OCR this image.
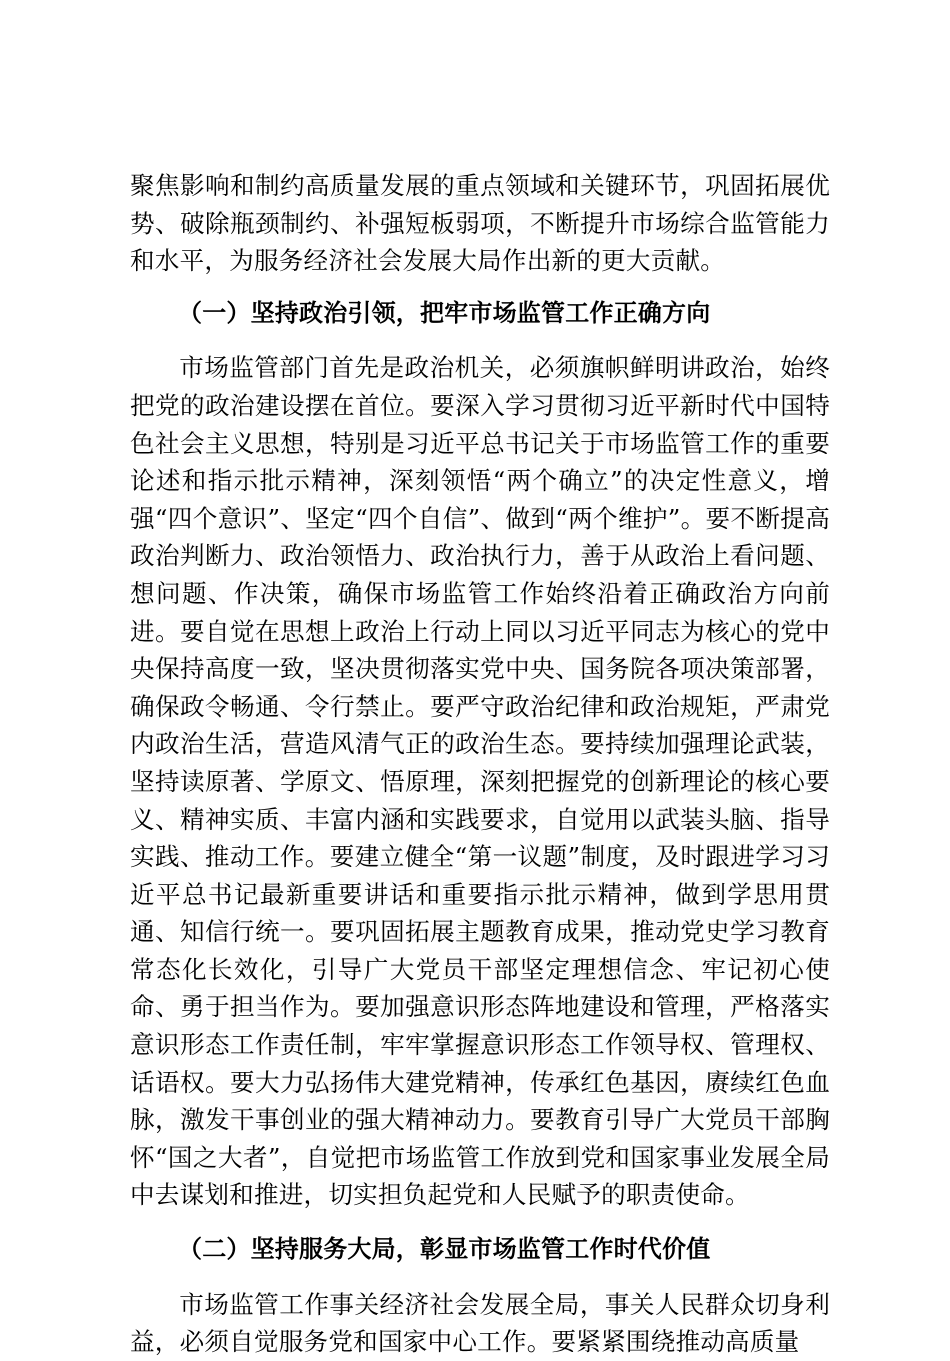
聚焦影响和制约高质量发展的重点领域和关键环节，巩固拓展优势、破除瓶颈制约、补强短板弱项，不断提升市场综合监管能力和水平，为服务经济社会发展大局作出新的更大贡献。

（一）坚持政治引领，把牢市场监管工作正确方向

市场监管部门首先是政治机关，必须旗帜鲜明讲政治，始终把党的政治建设摆在首位。要深入学习贯彻习近平新时代中国特色社会主义思想，特别是习近平总书记关于市场监管工作的重要论述和指示批示精神，深刻领悟“两个确立”的决定性意义，增强“四个意识”、坚定“四个自信”、做到“两个维护”。要不断提高政治判断力、政治领悟力、政治执行力，善于从政治上看问题、想问题、作决策，确保市场监管工作始终沿着正确政治方向前进。要自觉在思想上政治上行动上同以习近平同志为核心的党中央保持高度一致，坚决贯彻落实党中央、国务院各项决策部署，确保政令畅通、令行禁止。要严守政治纪律和政治规矩，严肃党内政治生活，营造风清气正的政治生态。要持续加强理论武装，坚持读原著、学原文、悟原理，深刻把握党的创新理论的核心要义、精神实质、丰富内涵和实践要求，自觉用以武装头脑、指导实践、推动工作。要建立健全“第一议题”制度，及时跟进学习习近平总书记最新重要讲话和重要指示批示精神，做到学思用贯通、知信行统一。要巩固拓展主题教育成果，推动党史学习教育常态化长效化，引导广大党员干部坚定理想信念、牢记初心使命、勇于担当作为。要加强意识形态阵地建设和管理，严格落实意识形态工作责任制，牢牢掌握意识形态工作领导权、管理权、话语权。要大力弘扬伟大建党精神，传承红色基因，赓续红色血脉，激发干事创业的强大精神动力。要教育引导广大党员干部胸怀“国之大者”，自觉把市场监管工作放到党和国家事业发展全局中去谋划和推进，切实担负起党和人民赋予的职责使命。

（二）坚持服务大局，彰显市场监管工作时代价值

市场监管工作事关经济社会发展全局，事关人民群众切身利益，必须自觉服务党和国家中心工作。要紧紧围绕推动高质量
